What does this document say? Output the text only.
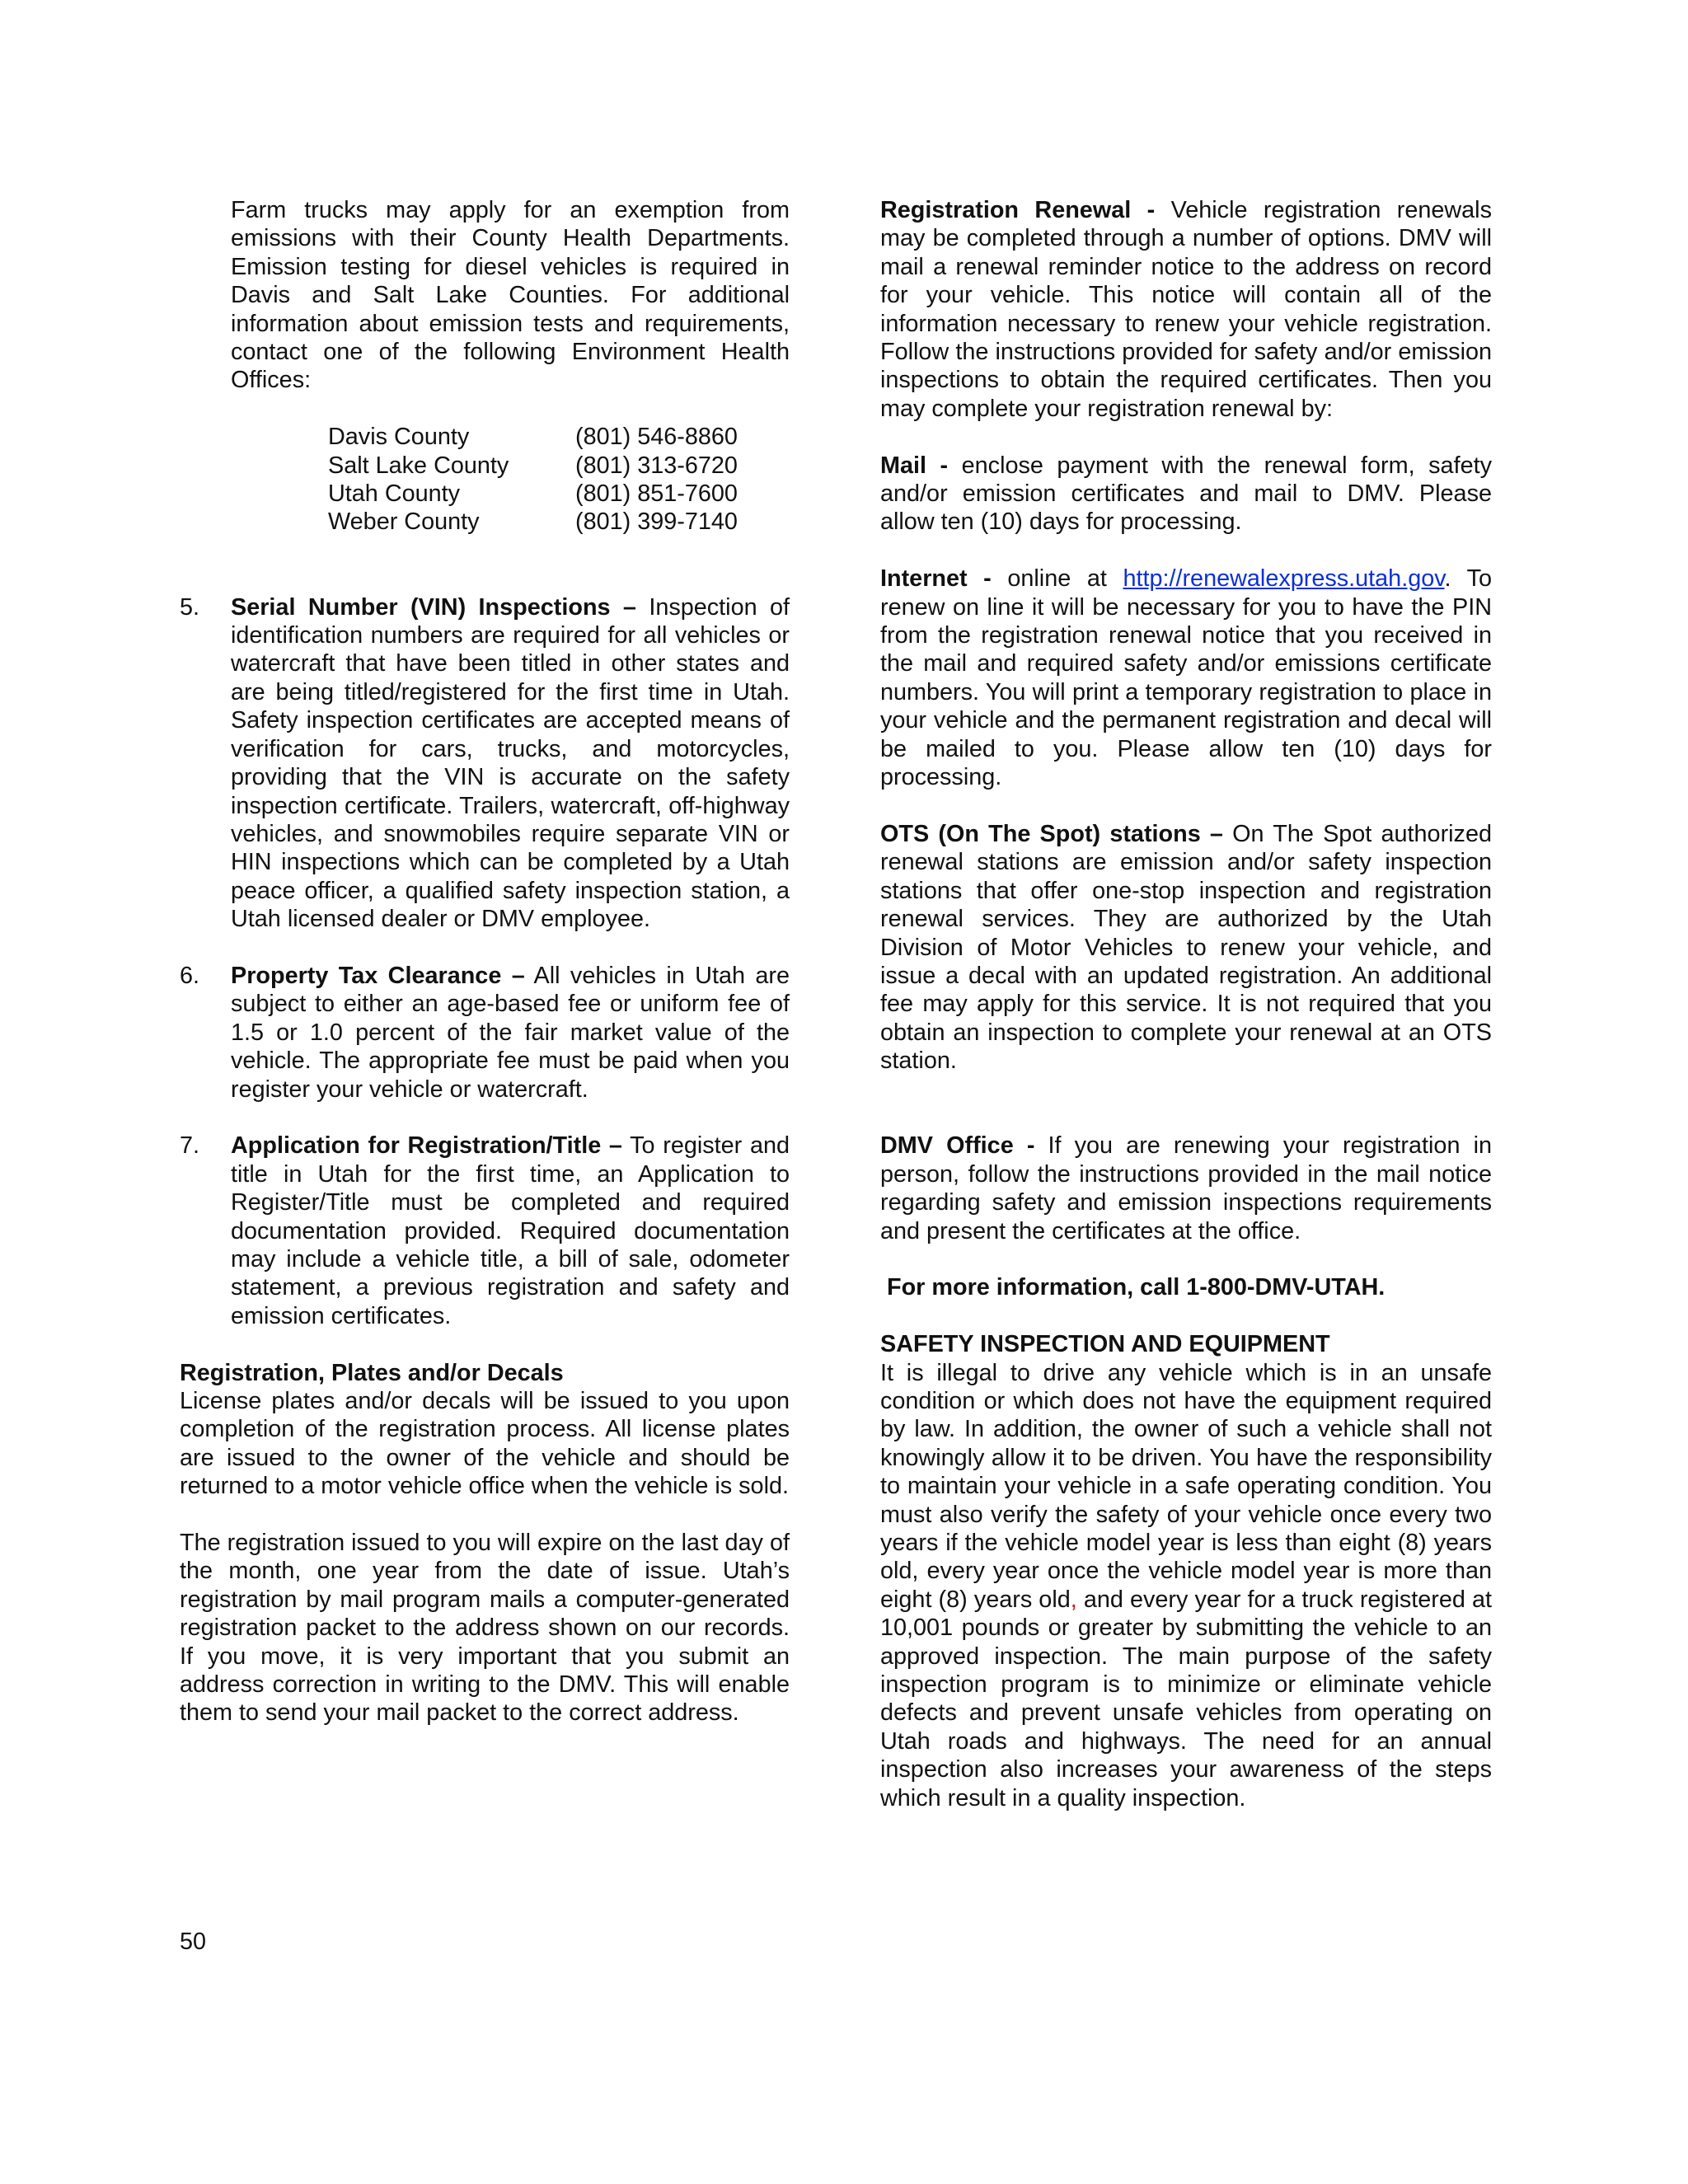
Farm trucks may apply for an exemption from emissions with their County Health Departments. Emission testing for diesel vehicles is required in Davis and Salt Lake Counties. For additional information about emission tests and requirements, contact one of the following Environment Health Offices:

Davis County	(801) 546-8860
Salt Lake County	(801) 313-6720
Utah County	(801) 851-7600
Weber County	(801) 399-7140
5. Serial Number (VIN) Inspections – Inspection of identification numbers are required for all vehicles or watercraft that have been titled in other states and are being titled/registered for the first time in Utah. Safety inspection certificates are accepted means of verification for cars, trucks, and motorcycles, providing that the VIN is accurate on the safety inspection certificate. Trailers, watercraft, off-highway vehicles, and snowmobiles require separate VIN or HIN inspections which can be completed by a Utah peace officer, a qualified safety inspection station, a Utah licensed dealer or DMV employee.

6. Property Tax Clearance – All vehicles in Utah are subject to either an age-based fee or uniform fee of 1.5 or 1.0 percent of the fair market value of the vehicle. The appropriate fee must be paid when you register your vehicle or watercraft.

7. Application for Registration/Title – To register and title in Utah for the first time, an Application to Register/Title must be completed and required documentation provided. Required documentation may include a vehicle title, a bill of sale, odometer statement, a previous registration and safety and emission certificates.

Registration, Plates and/or Decals

License plates and/or decals will be issued to you upon completion of the registration process. All license plates are issued to the owner of the vehicle and should be returned to a motor vehicle office when the vehicle is sold.

The registration issued to you will expire on the last day of the month, one year from the date of issue. Utah’s registration by mail program mails a computer-generated registration packet to the address shown on our records. If you move, it is very important that you submit an address correction in writing to the DMV. This will enable them to send your mail packet to the correct address.

Registration Renewal - Vehicle registration renewals may be completed through a number of options. DMV will mail a renewal reminder notice to the address on record for your vehicle. This notice will contain all of the information necessary to renew your vehicle registration. Follow the instructions provided for safety and/or emission inspections to obtain the required certificates. Then you may complete your registration renewal by:

Mail - enclose payment with the renewal form, safety and/or emission certificates and mail to DMV. Please allow ten (10) days for processing.

Internet - online at http://renewalexpress.utah.gov. To renew on line it will be necessary for you to have the PIN from the registration renewal notice that you received in the mail and required safety and/or emissions certificate numbers. You will print a temporary registration to place in your vehicle and the permanent registration and decal will be mailed to you. Please allow ten (10) days for processing.

OTS (On The Spot) stations – On The Spot authorized renewal stations are emission and/or safety inspection stations that offer one-stop inspection and registration renewal services. They are authorized by the Utah Division of Motor Vehicles to renew your vehicle, and issue a decal with an updated registration. An additional fee may apply for this service. It is not required that you obtain an inspection to complete your renewal at an OTS station.

DMV Office - If you are renewing your registration in person, follow the instructions provided in the mail notice regarding safety and emission inspections requirements and present the certificates at the office.

For more information, call 1-800-DMV-UTAH.

SAFETY INSPECTION AND EQUIPMENT

It is illegal to drive any vehicle which is in an unsafe condition or which does not have the equipment required by law. In addition, the owner of such a vehicle shall not knowingly allow it to be driven. You have the responsibility to maintain your vehicle in a safe operating condition. You must also verify the safety of your vehicle once every two years if the vehicle model year is less than eight (8) years old, every year once the vehicle model year is more than eight (8) years old, and every year for a truck registered at 10,001 pounds or greater by submitting the vehicle to an approved inspection. The main purpose of the safety inspection program is to minimize or eliminate vehicle defects and prevent unsafe vehicles from operating on Utah roads and highways. The need for an annual inspection also increases your awareness of the steps which result in a quality inspection.

50
